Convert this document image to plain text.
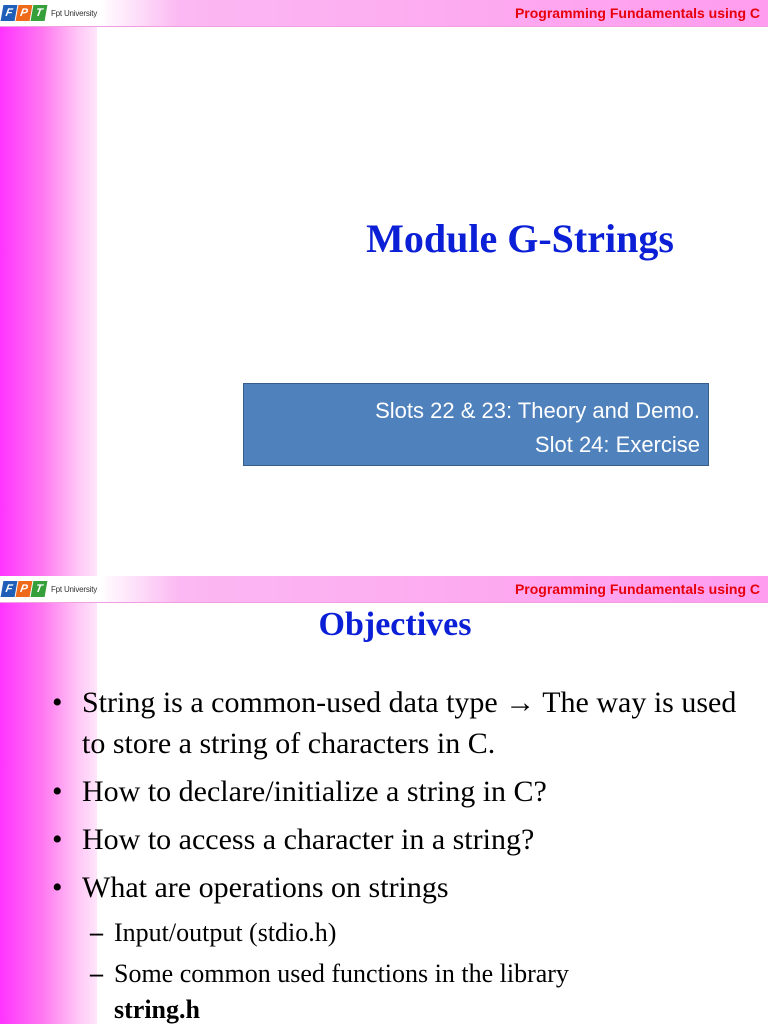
F P T Fpt University	Programming Fundamentals using C
Module G-Strings
Slots 22 & 23: Theory and Demo.
Slot 24: Exercise
F P T Fpt University	Programming Fundamentals using C
Objectives
• String is a common-used data type → The way is used to store a string of characters in C.
• How to declare/initialize a string in C?
• How to access a character in a string?
• What are operations on strings
– Input/output (stdio.h)
– Some common used functions in the library
string.h
